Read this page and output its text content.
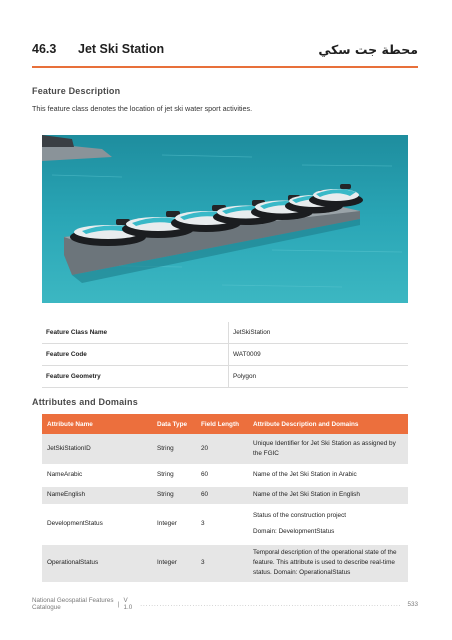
46.3	Jet Ski Station	محطة جت سكي
Feature Description
This feature class denotes the location of jet ski water sport activities.
Feature Class Name	JetSkiStation
Feature Code	WAT0009
Feature Geometry	Polygon
Attributes and Domains
Attribute Name	Data Type	Field Length	Attribute Description and Domains
JetSkiStationID	String	20	Unique Identifier for Jet Ski Station as assigned by the FGIC
NameArabic	String	60	Name of the Jet Ski Station in Arabic
NameEnglish	String	60	Name of the Jet Ski Station in English
DevelopmentStatus	Integer	3	Status of the construction project
Domain: DevelopmentStatus

OperationalStatus	Integer	3	Temporal description of the operational state of the feature. This attribute is used to describe real-time status. Domain: OperationalStatus
National Geospatial Features Catalogue	| V 1.0	............................................................................................... 533
